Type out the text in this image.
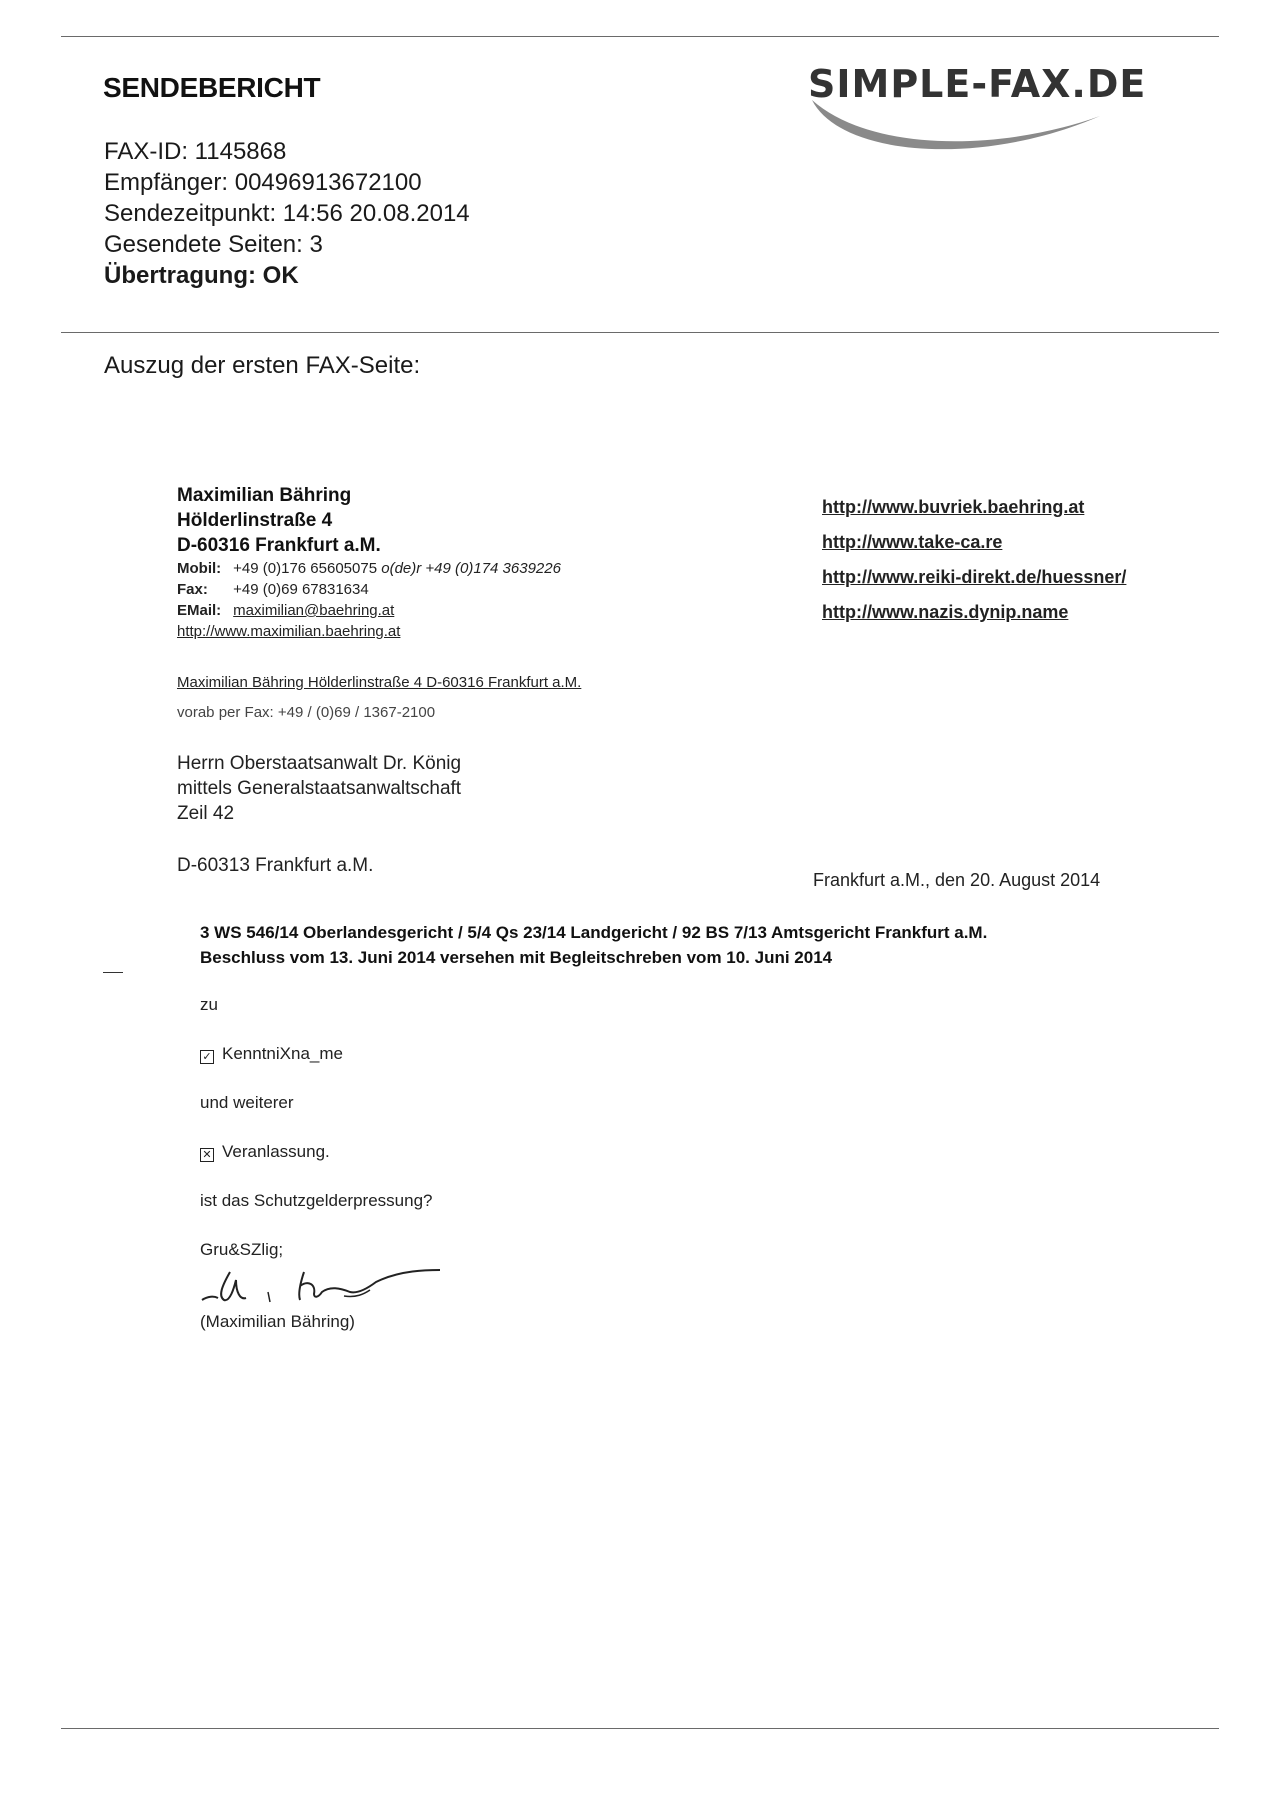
SENDEBERICHT	SIMPLE-FAX.DE
FAX-ID: 1145868
Empfänger: 00496913672100
Sendezeitpunkt: 14:56 20.08.2014
Gesendete Seiten: 3
Übertragung: OK
Auszug der ersten FAX-Seite:
Maximilian Bähring
Hölderlinstraße 4
D-60316 Frankfurt a.M.
Mobil: +49 (0)176 65605075 o(de)r +49 (0)174 3639226
Fax: +49 (0)69 67831634
EMail: maximilian@baehring.at
http://www.maximilian.baehring.at
http://www.buvriek.baehring.at
http://www.take-ca.re
http://www.reiki-direkt.de/huessner/
http://www.nazis.dynip.name
Maximilian Bähring Hölderlinstraße 4 D-60316 Frankfurt a.M.
vorab per Fax: +49 / (0)69 / 1367-2100
Herrn Oberstaatsanwalt Dr. König
mittels Generalstaatsanwaltschaft
Zeil 42
D-60313 Frankfurt a.M.
Frankfurt a.M., den 20. August 2014
3 WS 546/14 Oberlandesgericht / 5/4 Qs 23/14 Landgericht / 92 BS 7/13 Amtsgericht Frankfurt a.M.
Beschluss vom 13. Juni 2014 versehen mit Begleitschreben vom 10. Juni 2014
zu
✓ KenntniXna_me
und weiterer
✕ Veranlassung.
ist das Schutzgelderpressung?
Gru&SZlig;
(Maximilian Bähring)
